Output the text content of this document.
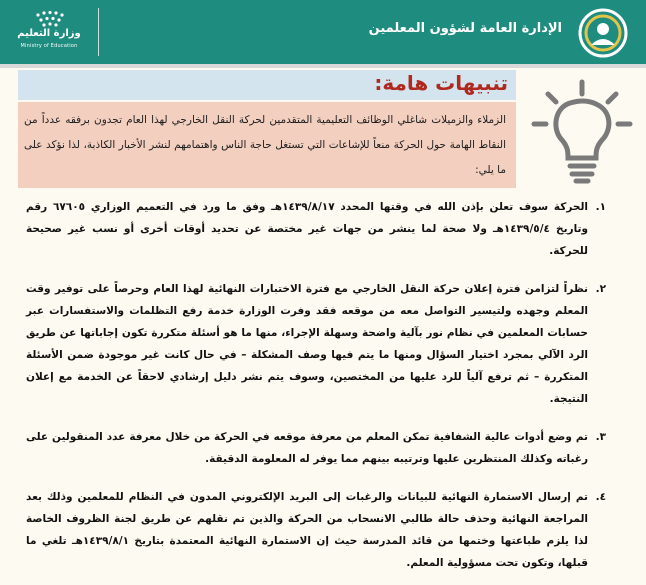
وزارة التعليم
Ministry of Education
الإدارة العامة لشؤون المعلمين
تنبيهات هامة:
الزملاء والزميلات شاغلي الوظائف التعليمية المتقدمين لحركة النقل الخارجي لهذا العام تجدون برفقه عدداً من النقاط الهامة حول الحركة منعاً للإشاعات التي تستغل حاجة الناس واهتمامهم لنشر الأخبار الكاذبة، لذا نؤكد على ما يلي:
١.
الحركة سوف تعلن بإذن الله في وقتها المحدد ١٤٣٩/٨/١٧هـ وفق ما ورد في التعميم الوزاري ٦٧٦٠٥ رقم وتاريخ ١٤٣٩/٥/٤هـ ولا صحة لما ينشر من جهات غير مختصة عن تحديد أوقات أخرى أو نسب غير صحيحة للحركة.
٢.
نظراً لتزامن فترة إعلان حركة النقل الخارجي مع فترة الاختبارات النهائية لهذا العام وحرصاً على توفير وقت المعلم وجهده ولتيسير التواصل معه من موقعه فقد وفرت الوزارة خدمة رفع التظلمات والاستفسارات عبر حسابات المعلمين في نظام نور بآلية واضحة وسهلة الإجراء، منها ما هو أسئلة متكررة تكون إجاباتها عن طريق الرد الآلي بمجرد اختيار السؤال ومنها ما يتم فيها وصف المشكلة – في حال كانت غير موجودة ضمن الأسئلة المتكررة – ثم ترفع آلياً للرد عليها من المختصين، وسوف يتم نشر دليل إرشادي لاحقاً عن الخدمة مع إعلان النتيجة.
٣.
تم وضع أدوات عالية الشفافية تمكن المعلم من معرفة موقعه في الحركة من خلال معرفة عدد المنقولين على رغباته وكذلك المنتظرين عليها وترتيبه بينهم مما يوفر له المعلومة الدقيقة.
٤.
تم إرسال الاستمارة النهائية للبيانات والرغبات إلى البريد الإلكتروني المدون في النظام للمعلمين وذلك بعد المراجعة النهائية وحذف حالة طالبي الانسحاب من الحركة والذين تم نقلهم عن طريق لجنة الظروف الخاصة لذا يلزم طباعتها وختمها من قائد المدرسة حيث إن الاستمارة النهائية المعتمدة بتاريخ ١٤٣٩/٨/١هـ تلغي ما قبلها، وتكون تحت مسؤولية المعلم.
